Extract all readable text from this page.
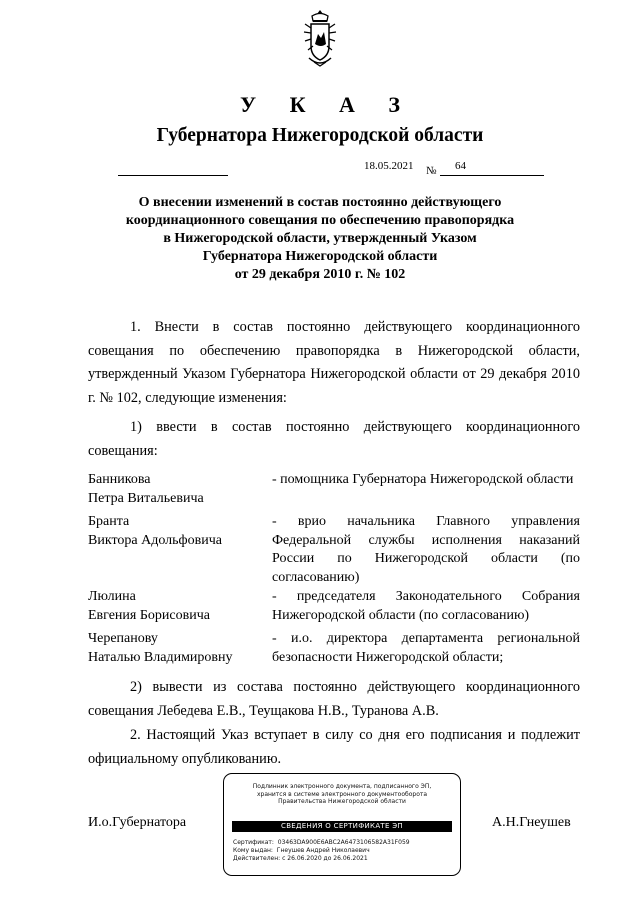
У К А З
Губернатора Нижегородской области
18.05.2021 № 64
О внесении изменений в состав постоянно действующего
координационного совещания по обеспечению правопорядка
в Нижегородской области, утвержденный Указом
Губернатора Нижегородской области
от 29 декабря 2010 г. № 102
1. Внести в состав постоянно действующего координационного совещания по обеспечению правопорядка в Нижегородской области, утвержденный Указом Губернатора Нижегородской области от 29 декабря 2010 г. № 102, следующие изменения:
1) ввести в состав постоянно действующего координационного совещания:
Банникова
Петра Витальевича
- помощника Губернатора Нижегородской области
Бранта
Виктора Адольфовича
- врио начальника Главного управления Федеральной службы исполнения наказаний России по Нижегородской области (по согласованию)
Люлина
Евгения Борисовича
- председателя Законодательного Собрания Нижегородской области (по согласованию)
Черепанову
Наталью Владимировну
- и.о. директора департамента региональной безопасности Нижегородской области;
2) вывести из состава постоянно действующего координационного совещания Лебедева Е.В., Теущакова Н.В., Туранова А.В.
2. Настоящий Указ вступает в силу со дня его подписания и подлежит официальному опубликованию.
И.о.Губернатора	А.Н.Гнеушев
Подлинник электронного документа, подписанного ЭП,
хранится в системе электронного документооборота
Правительства Нижегородской области
СВЕДЕНИЯ О СЕРТИФИКАТЕ ЭП
Сертификат: 03463DA900E6ABC2A6473106582A31F059
Кому выдан: Гнеушев Андрей Николаевич
Действителен: с 26.06.2020 до 26.06.2021
